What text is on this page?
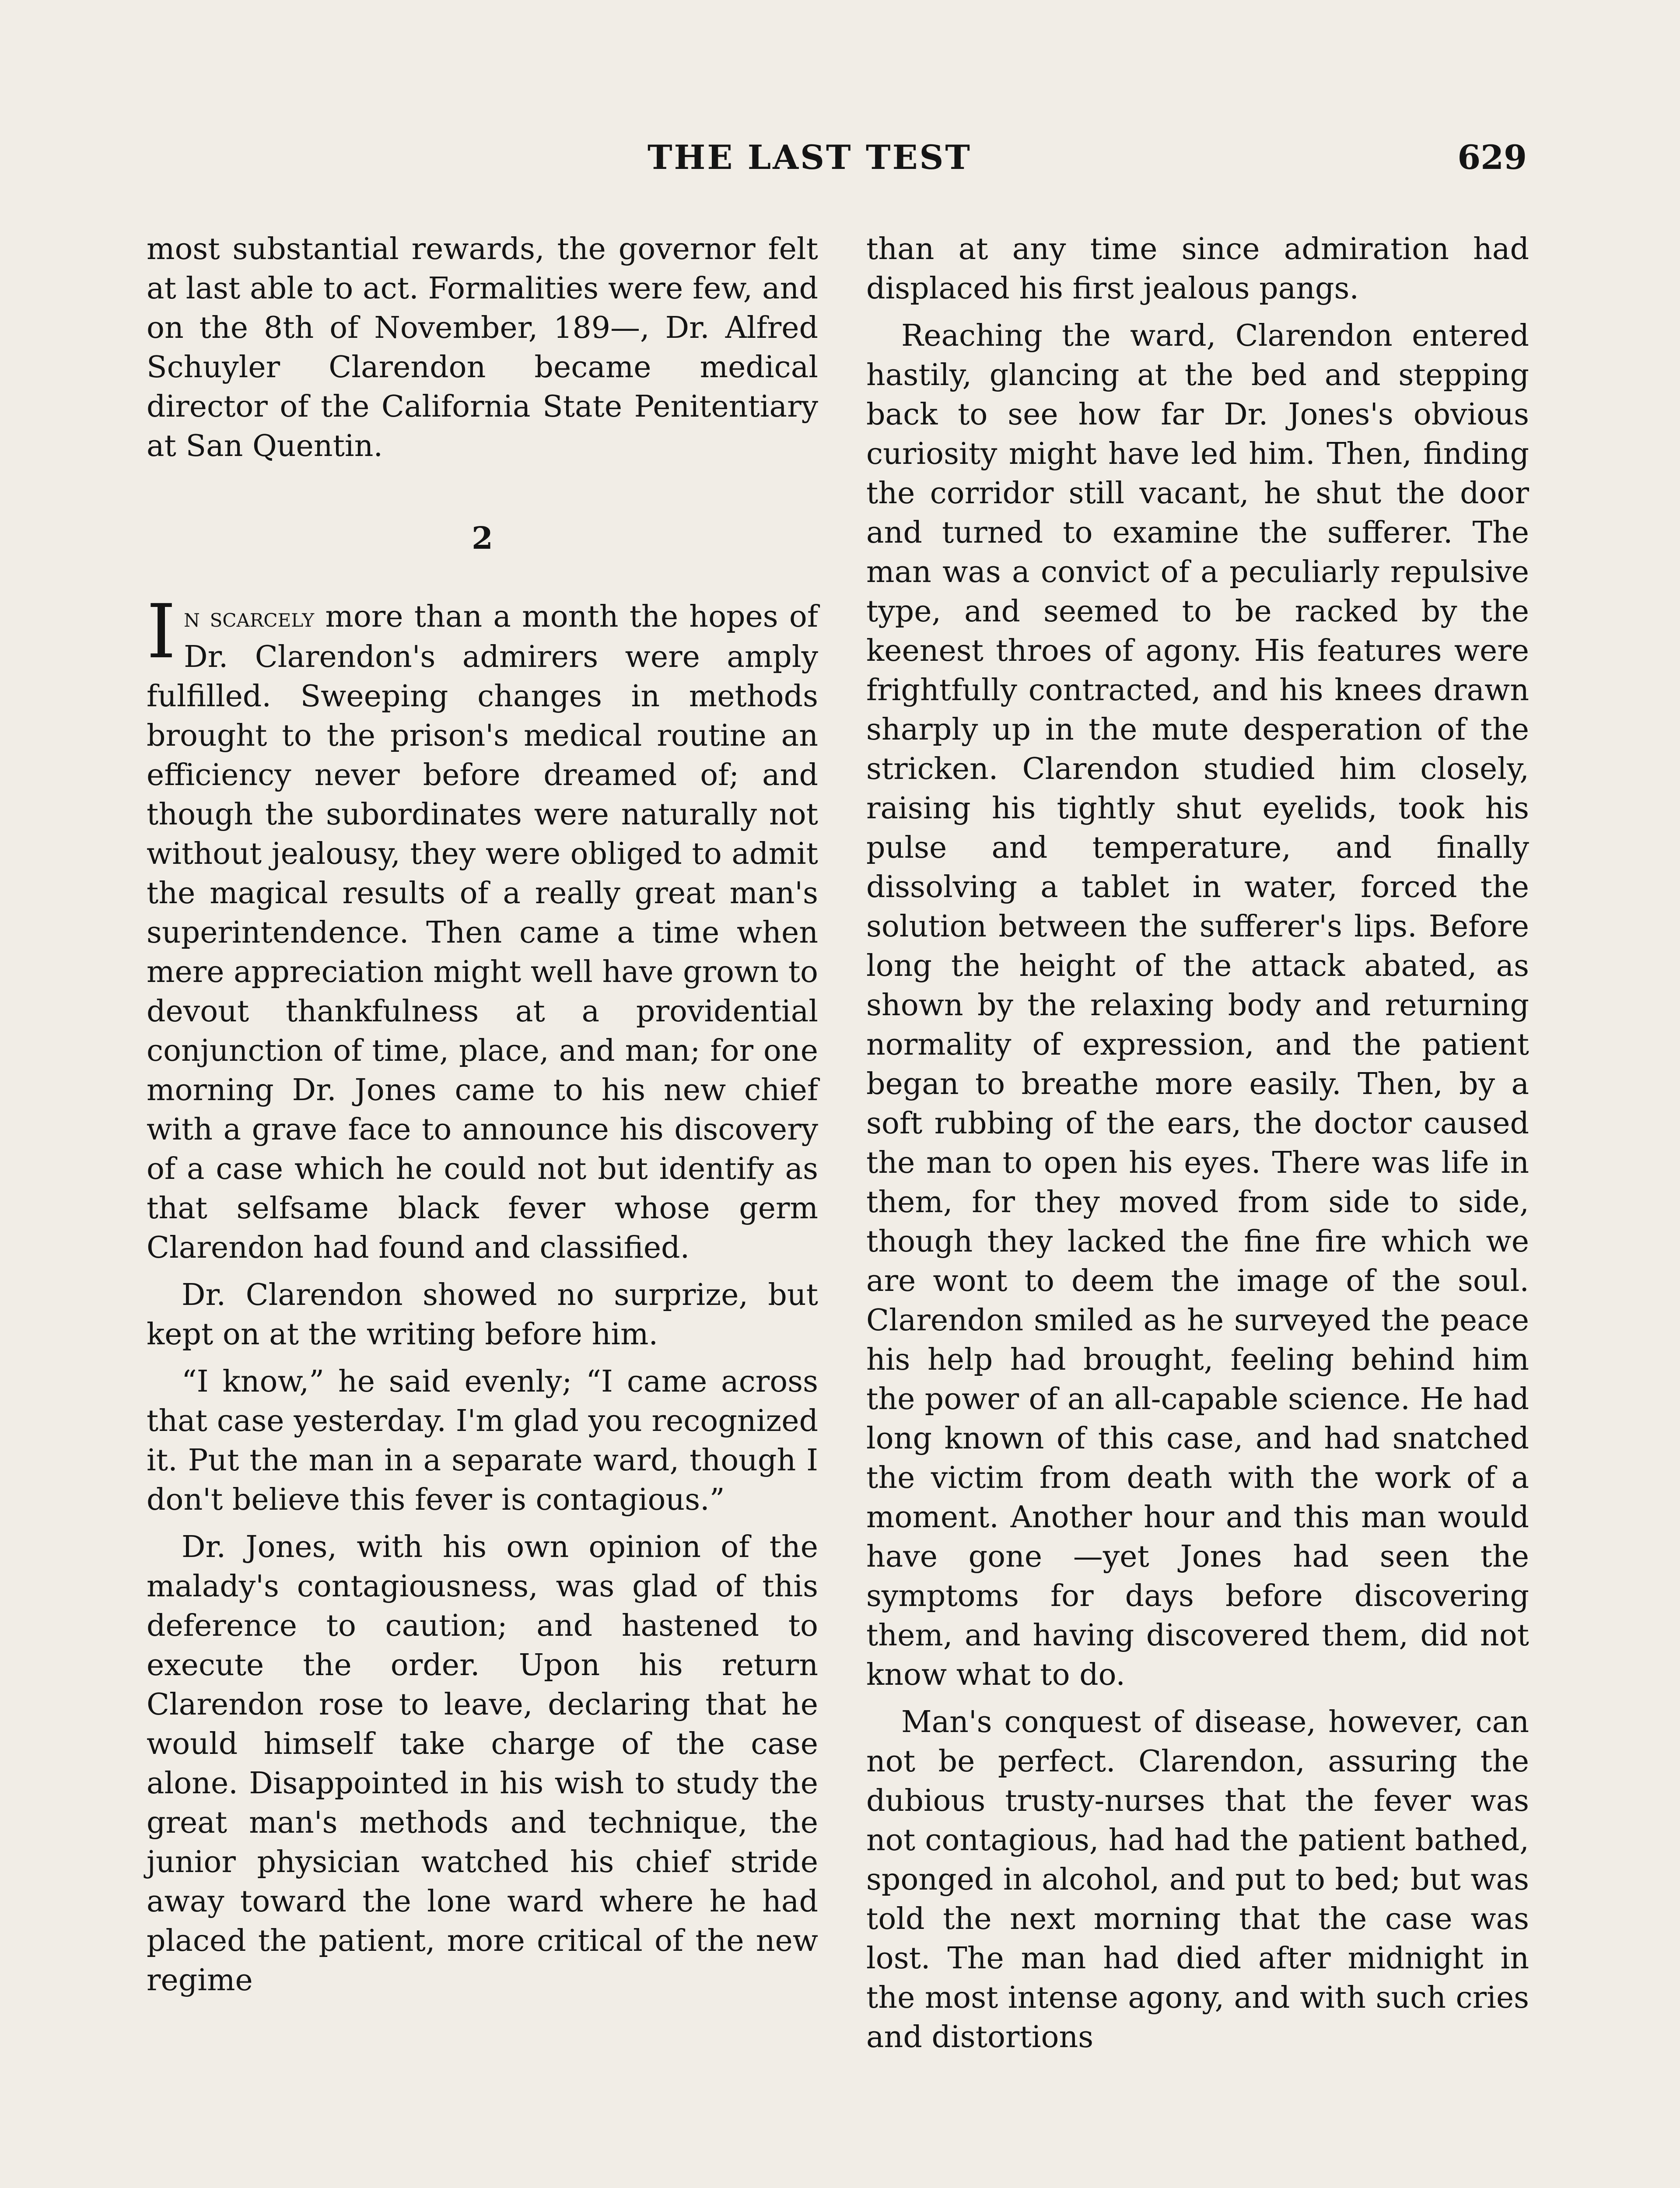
THE LAST TEST	629

most substantial rewards, the governor felt at last able to act. Formalities were few, and on the 8th of November, 189—, Dr. Alfred Schuyler Clarendon became medical director of the California State Penitentiary at San Quentin.

2

In scarcely more than a month the hopes of Dr. Clarendon's admirers were amply fulfilled. Sweeping changes in methods brought to the prison's medical routine an efficiency never before dreamed of; and though the subordinates were naturally not without jealousy, they were obliged to admit the magical results of a really great man's superintendence. Then came a time when mere appreciation might well have grown to devout thankfulness at a providential conjunction of time, place, and man; for one morning Dr. Jones came to his new chief with a grave face to announce his discovery of a case which he could not but identify as that selfsame black fever whose germ Clarendon had found and classified.

Dr. Clarendon showed no surprize, but kept on at the writing before him.

“I know,” he said evenly; “I came across that case yesterday. I'm glad you recognized it. Put the man in a separate ward, though I don't believe this fever is contagious.”

Dr. Jones, with his own opinion of the malady's contagiousness, was glad of this deference to caution; and hastened to execute the order. Upon his return Clarendon rose to leave, declaring that he would himself take charge of the case alone. Disappointed in his wish to study the great man's methods and technique, the junior physician watched his chief stride away toward the lone ward where he had placed the patient, more critical of the new regime

than at any time since admiration had displaced his first jealous pangs.

Reaching the ward, Clarendon entered hastily, glancing at the bed and stepping back to see how far Dr. Jones's obvious curiosity might have led him. Then, finding the corridor still vacant, he shut the door and turned to examine the sufferer. The man was a convict of a peculiarly repulsive type, and seemed to be racked by the keenest throes of agony. His features were frightfully contracted, and his knees drawn sharply up in the mute desperation of the stricken. Clarendon studied him closely, raising his tightly shut eyelids, took his pulse and temperature, and finally dissolving a tablet in water, forced the solution between the sufferer's lips. Before long the height of the attack abated, as shown by the relaxing body and returning normality of expression, and the patient began to breathe more easily. Then, by a soft rubbing of the ears, the doctor caused the man to open his eyes. There was life in them, for they moved from side to side, though they lacked the fine fire which we are wont to deem the image of the soul. Clarendon smiled as he surveyed the peace his help had brought, feeling behind him the power of an all-capable science. He had long known of this case, and had snatched the victim from death with the work of a moment. Another hour and this man would have gone —yet Jones had seen the symptoms for days before discovering them, and having discovered them, did not know what to do.

Man's conquest of disease, however, can not be perfect. Clarendon, assuring the dubious trusty-nurses that the fever was not contagious, had had the patient bathed, sponged in alcohol, and put to bed; but was told the next morning that the case was lost. The man had died after midnight in the most intense agony, and with such cries and distortions
